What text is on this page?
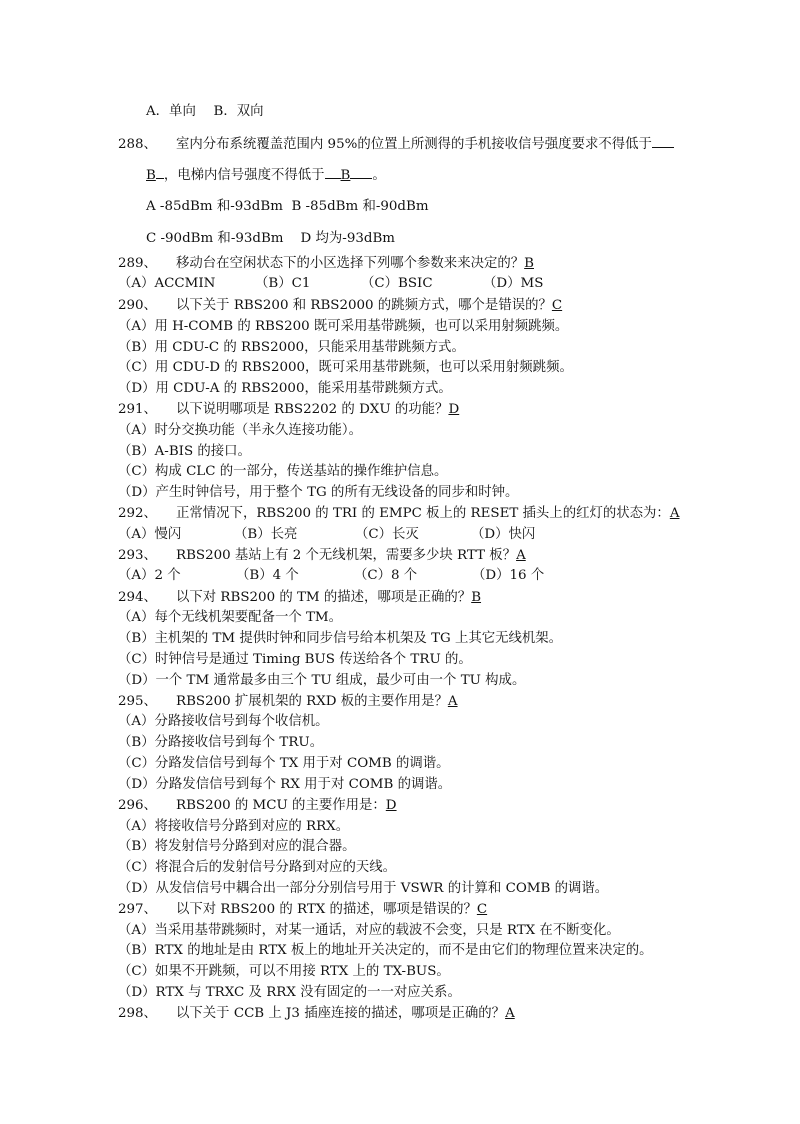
A．单向　 B．双向
288、 室内分布系统覆盖范围内 95%的位置上所测得的手机接收信号强度要求不得低于
B ，电梯内信号强度不得低于 B 。
A -85dBm 和-93dBm B -85dBm 和-90dBm
C -90dBm 和-93dBm D 均为-93dBm
289、 移动台在空闲状态下的小区选择下列哪个参数来来决定的？B
（A）ACCMIN	（B）C1	（C）BSIC	（D）MS
290、 以下关于 RBS200 和 RBS2000 的跳频方式，哪个是错误的？C
（A）用 H-COMB 的 RBS200 既可采用基带跳频，也可以采用射频跳频。
（B）用 CDU-C 的 RBS2000，只能采用基带跳频方式。
（C）用 CDU-D 的 RBS2000，既可采用基带跳频，也可以采用射频跳频。
（D）用 CDU-A 的 RBS2000，能采用基带跳频方式。
291、 以下说明哪项是 RBS2202 的 DXU 的功能？D
（A）时分交换功能（半永久连接功能）。
（B）A-BIS 的接口。
（C）构成 CLC 的一部分，传送基站的操作维护信息。
（D）产生时钟信号，用于整个 TG 的所有无线设备的同步和时钟。
292、 正常情况下，RBS200 的 TRI 的 EMPC 板上的 RESET 插头上的红灯的状态为：A
（A）慢闪	（B）长亮	（C）长灭	（D）快闪
293、 RBS200 基站上有 2 个无线机架，需要多少块 RTT 板？A
（A）2 个	（B）4 个	（C）8 个	（D）16 个
294、 以下对 RBS200 的 TM 的描述，哪项是正确的？B
（A）每个无线机架要配备一个 TM。
（B）主机架的 TM 提供时钟和同步信号给本机架及 TG 上其它无线机架。
（C）时钟信号是通过 Timing BUS 传送给各个 TRU 的。
（D）一个 TM 通常最多由三个 TU 组成，最少可由一个 TU 构成。
295、 RBS200 扩展机架的 RXD 板的主要作用是？A
（A）分路接收信号到每个收信机。
（B）分路接收信号到每个 TRU。
（C）分路发信信号到每个 TX 用于对 COMB 的调谐。
（D）分路发信信号到每个 RX 用于对 COMB 的调谐。
296、 RBS200 的 MCU 的主要作用是：D
（A）将接收信号分路到对应的 RRX。
（B）将发射信号分路到对应的混合器。
（C）将混合后的发射信号分路到对应的天线。
（D）从发信信号中耦合出一部分分别信号用于 VSWR 的计算和 COMB 的调谐。
297、 以下对 RBS200 的 RTX 的描述，哪项是错误的？C
（A）当采用基带跳频时，对某一通话，对应的载波不会变，只是 RTX 在不断变化。
（B）RTX 的地址是由 RTX 板上的地址开关决定的，而不是由它们的物理位置来决定的。
（C）如果不开跳频，可以不用接 RTX 上的 TX-BUS。
（D）RTX 与 TRXC 及 RRX 没有固定的一一对应关系。
298、 以下关于 CCB 上 J3 插座连接的描述，哪项是正确的？A
